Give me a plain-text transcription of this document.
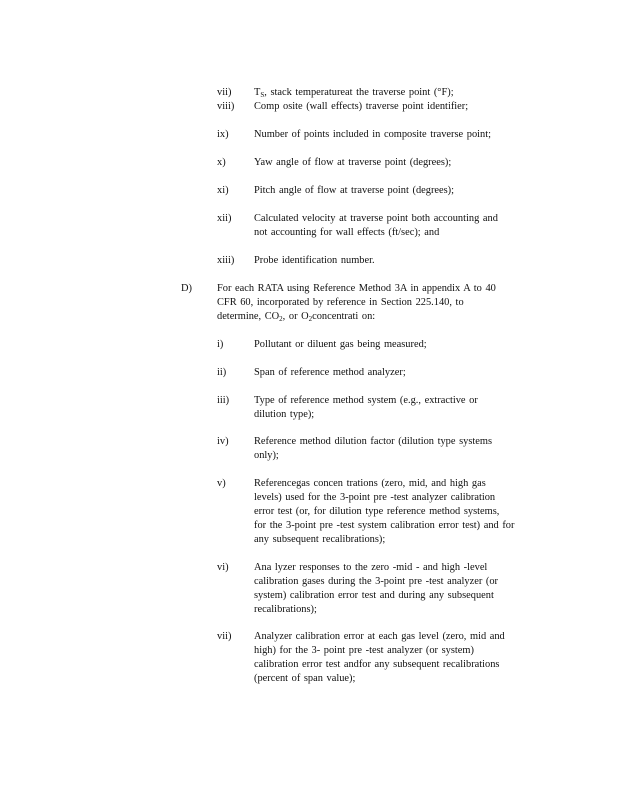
vii) $T_S$, stack temperatureat the traverse point (°F);
viii) Comp osite (wall effects) traverse point identifier;
ix) Number of points included in composite traverse point;
x)	Yaw angle of flow at traverse point (degrees);
xi) Pitch angle of flow at traverse point (degrees);
xii) Calculated velocity at traverse point both accounting and
not accounting for wall effects (ft/sec); and
xiii) Probe identification number.
D) For each RATA using Reference Method 3A in appendix A to 40
CFR 60, incorporated by reference in Section 225.140, to
determine, $CO_2$, or $O_2concentrati$ on:
i)	Pollutant or diluent gas being measured;
ii)	Span of reference method analyzer;
iii) Type of reference method system (e.g., extractive or
dilution type);
iv) Reference method dilution factor (dilution type systems
only);
v)	Referencegas concen trations (zero, mid, and high gas
levels) used for the 3-point pre -test analyzer calibration
error test (or, for dilution type reference method systems,
for the 3-point pre -test system calibration error test) and for
any subsequent recalibrations);
vi) Ana lyzer responses to the zero -mid - and high -level
calibration gases during the 3-point pre -test analyzer (or
system) calibration error test and during any subsequent
recalibrations);
vii) Analyzer calibration error at each gas level (zero, mid and
high) for the 3- point pre -test analyzer (or system)
calibration error test andfor any subsequent recalibrations
(percent of span value);
